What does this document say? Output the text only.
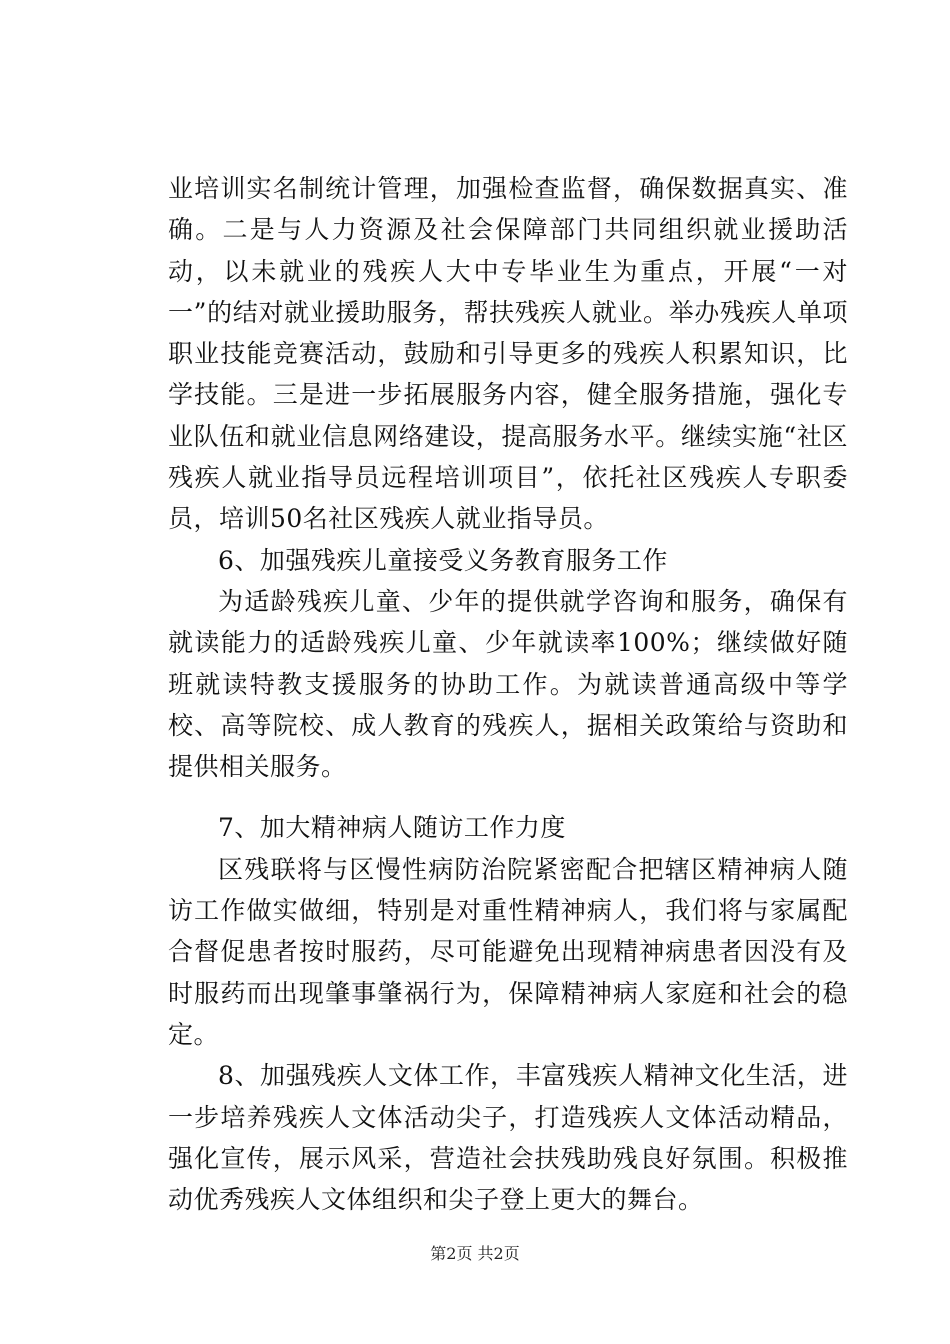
业培训实名制统计管理，加强检查监督，确保数据真实、准确。二是与人力资源及社会保障部门共同组织就业援助活动，以未就业的残疾人大中专毕业生为重点，开展“一对一”的结对就业援助服务，帮扶残疾人就业。举办残疾人单项职业技能竞赛活动，鼓励和引导更多的残疾人积累知识，比学技能。三是进一步拓展服务内容，健全服务措施，强化专业队伍和就业信息网络建设，提高服务水平。继续实施“社区残疾人就业指导员远程培训项目”，依托社区残疾人专职委员，培训50名社区残疾人就业指导员。

6、加强残疾儿童接受义务教育服务工作

为适龄残疾儿童、少年的提供就学咨询和服务，确保有就读能力的适龄残疾儿童、少年就读率100%；继续做好随班就读特教支援服务的协助工作。为就读普通高级中等学校、高等院校、成人教育的残疾人，据相关政策给与资助和提供相关服务。

7、加大精神病人随访工作力度

区残联将与区慢性病防治院紧密配合把辖区精神病人随访工作做实做细，特别是对重性精神病人，我们将与家属配合督促患者按时服药，尽可能避免出现精神病患者因没有及时服药而出现肇事肇祸行为，保障精神病人家庭和社会的稳定。

8、加强残疾人文体工作，丰富残疾人精神文化生活，进一步培养残疾人文体活动尖子，打造残疾人文体活动精品，强化宣传，展示风采，营造社会扶残助残良好氛围。积极推动优秀残疾人文体组织和尖子登上更大的舞台。

第2页 共2页
